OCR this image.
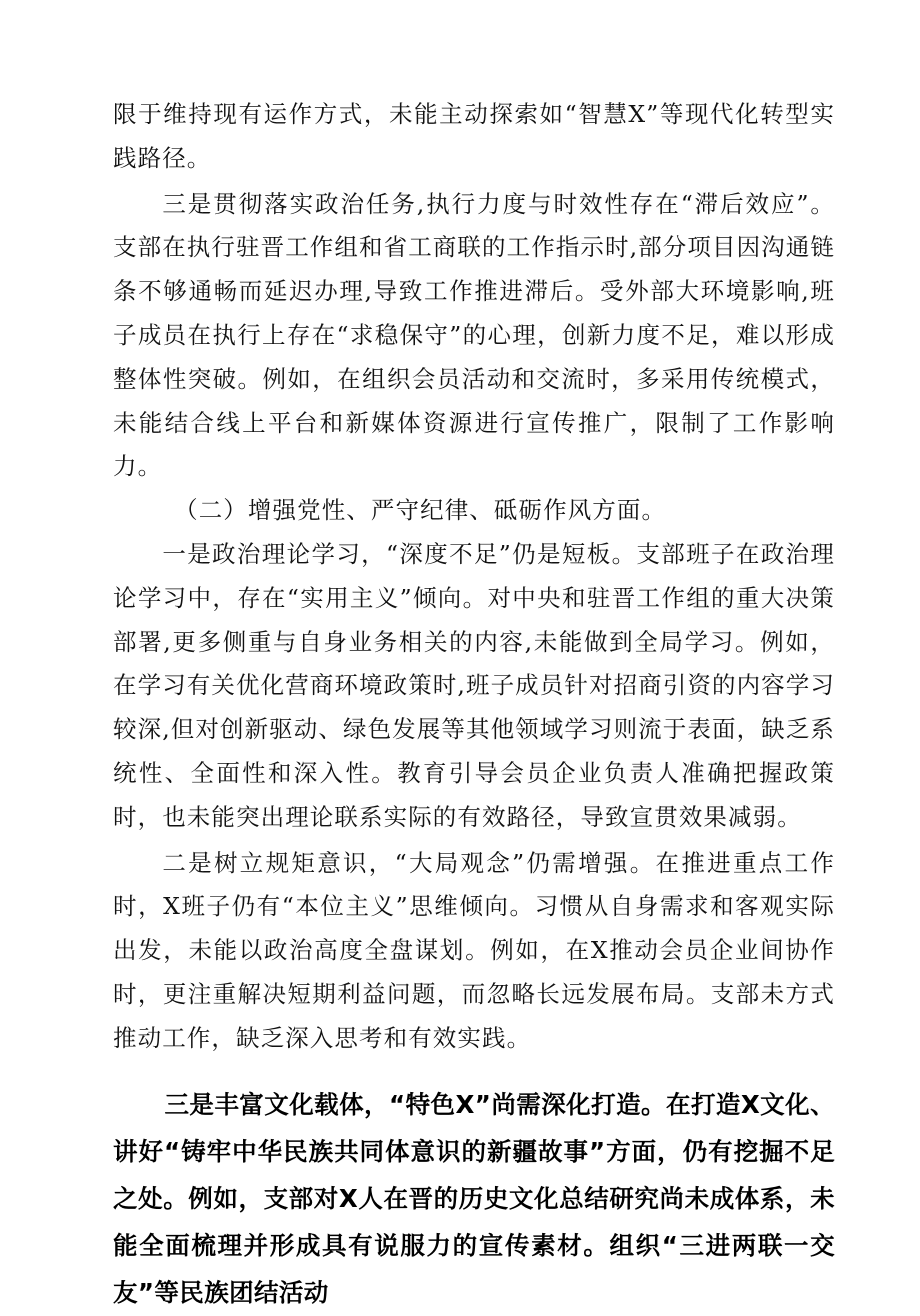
限于维持现有运作方式，未能主动探索如“智慧X”等现代化转型实践路径。

三是贯彻落实政治任务,执行力度与时效性存在“滞后效应”。支部在执行驻晋工作组和省工商联的工作指示时,部分项目因沟通链条不够通畅而延迟办理,导致工作推进滞后。受外部大环境影响,班子成员在执行上存在“求稳保守”的心理，创新力度不足，难以形成整体性突破。例如，在组织会员活动和交流时，多采用传统模式，未能结合线上平台和新媒体资源进行宣传推广，限制了工作影响力。

（二）增强党性、严守纪律、砥砺作风方面。

一是政治理论学习，“深度不足”仍是短板。支部班子在政治理论学习中，存在“实用主义”倾向。对中央和驻晋工作组的重大决策部署,更多侧重与自身业务相关的内容,未能做到全局学习。例如，在学习有关优化营商环境政策时,班子成员针对招商引资的内容学习较深,但对创新驱动、绿色发展等其他领域学习则流于表面，缺乏系统性、全面性和深入性。教育引导会员企业负责人准确把握政策时，也未能突出理论联系实际的有效路径，导致宣贯效果减弱。

二是树立规矩意识，“大局观念”仍需增强。在推进重点工作时，X班子仍有“本位主义”思维倾向。习惯从自身需求和客观实际出发，未能以政治高度全盘谋划。例如，在X推动会员企业间协作时，更注重解决短期利益问题，而忽略长远发展布局。支部未方式推动工作，缺乏深入思考和有效实践。

三是丰富文化载体，“特色X”尚需深化打造。在打造X文化、讲好“铸牢中华民族共同体意识的新疆故事”方面，仍有挖掘不足之处。例如，支部对X人在晋的历史文化总结研究尚未成体系，未能全面梳理并形成具有说服力的宣传素材。组织“三进两联一交友”等民族团结活动
